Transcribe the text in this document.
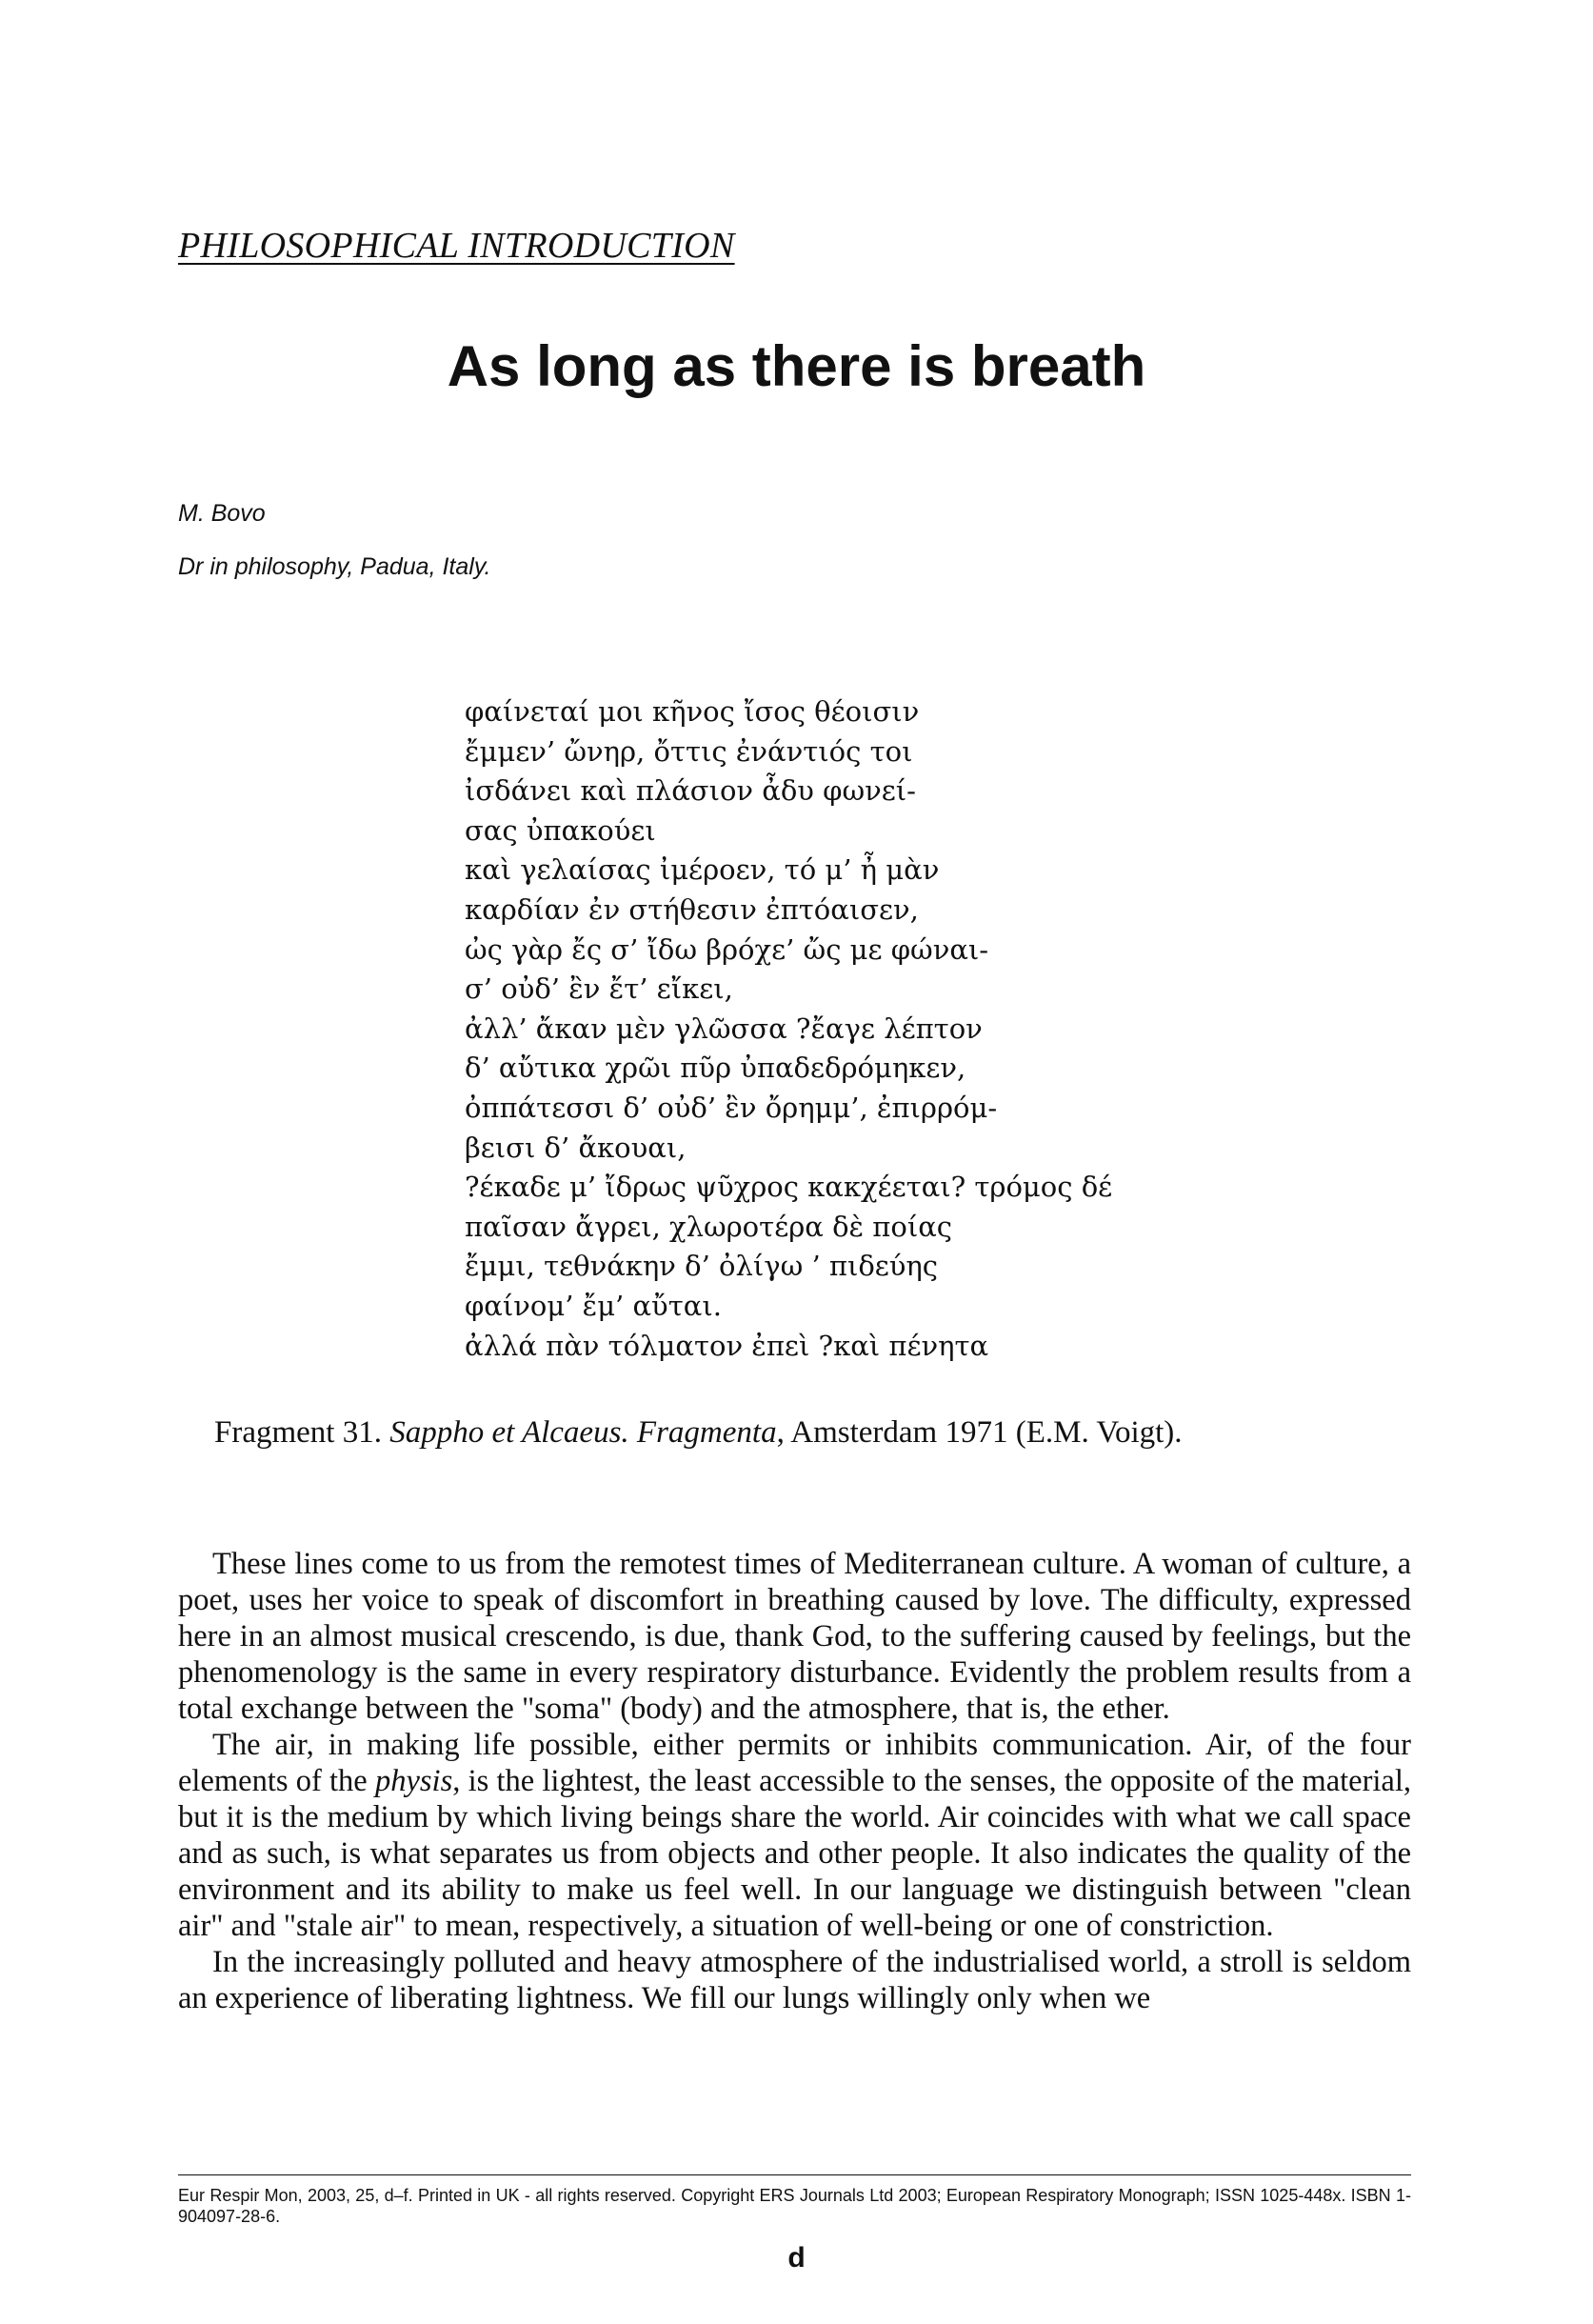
PHILOSOPHICAL INTRODUCTION
As long as there is breath
M. Bovo
Dr in philosophy, Padua, Italy.
φαίνεταί μοι κῆνος ἴσος θέοισιν
ἔμμεν’ ὤνηρ, ὄττις ἐνάντιός τοι
ἰσδάνει καὶ πλάσιον ἆδυ φωνεί-
σας ὐπακούει
καὶ γελαίσας ἰμέροεν, τό μ’ ἦ μὰν
καρδίαν ἐν στήθεσιν ἐπτόαισεν,
ὠς γὰρ ἔς σ’ ἴδω βρόχε’ ὤς με φώναι-
σ’ οὐδ’ ἒν ἔτ’ εἴκει,
ἀλλ’ ἄκαν μὲν γλῶσσα ?ἔαγε λέπτον
δ’ αὔτικα χρῶι πῦρ ὐπαδεδρόμηκεν,
ὀππάτεσσι δ’ οὐδ’ ἒν ὄρημμ’, ἐπιρρόμ-
βεισι δ’ ἄκουαι,
?έκαδε μ’ ἴδρως ψῦχρος κακχέεται? τρόμος δέ
παῖσαν ἄγρει, χλωροτέρα δὲ ποίας
ἔμμι, τεθνάκην δ’ ὀλίγω ’ πιδεύης
φαίνομ’ ἔμ’ αὔται.
ἀλλά πὰν τόλματον ἐπεὶ ?καὶ πένητα
Fragment 31. Sappho et Alcaeus. Fragmenta, Amsterdam 1971 (E.M. Voigt).

These lines come to us from the remotest times of Mediterranean culture. A woman of culture, a poet, uses her voice to speak of discomfort in breathing caused by love. The difficulty, expressed here in an almost musical crescendo, is due, thank God, to the suffering caused by feelings, but the phenomenology is the same in every respiratory disturbance. Evidently the problem results from a total exchange between the "soma" (body) and the atmosphere, that is, the ether.

The air, in making life possible, either permits or inhibits communication. Air, of the four elements of the physis, is the lightest, the least accessible to the senses, the opposite of the material, but it is the medium by which living beings share the world. Air coincides with what we call space and as such, is what separates us from objects and other people. It also indicates the quality of the environment and its ability to make us feel well. In our language we distinguish between "clean air" and "stale air" to mean, respectively, a situation of well-being or one of constriction.

In the increasingly polluted and heavy atmosphere of the industrialised world, a stroll is seldom an experience of liberating lightness. We fill our lungs willingly only when we

Eur Respir Mon, 2003, 25, d–f. Printed in UK - all rights reserved. Copyright ERS Journals Ltd 2003; European Respiratory Monograph; ISSN 1025-448x. ISBN 1-904097-28-6.
d
